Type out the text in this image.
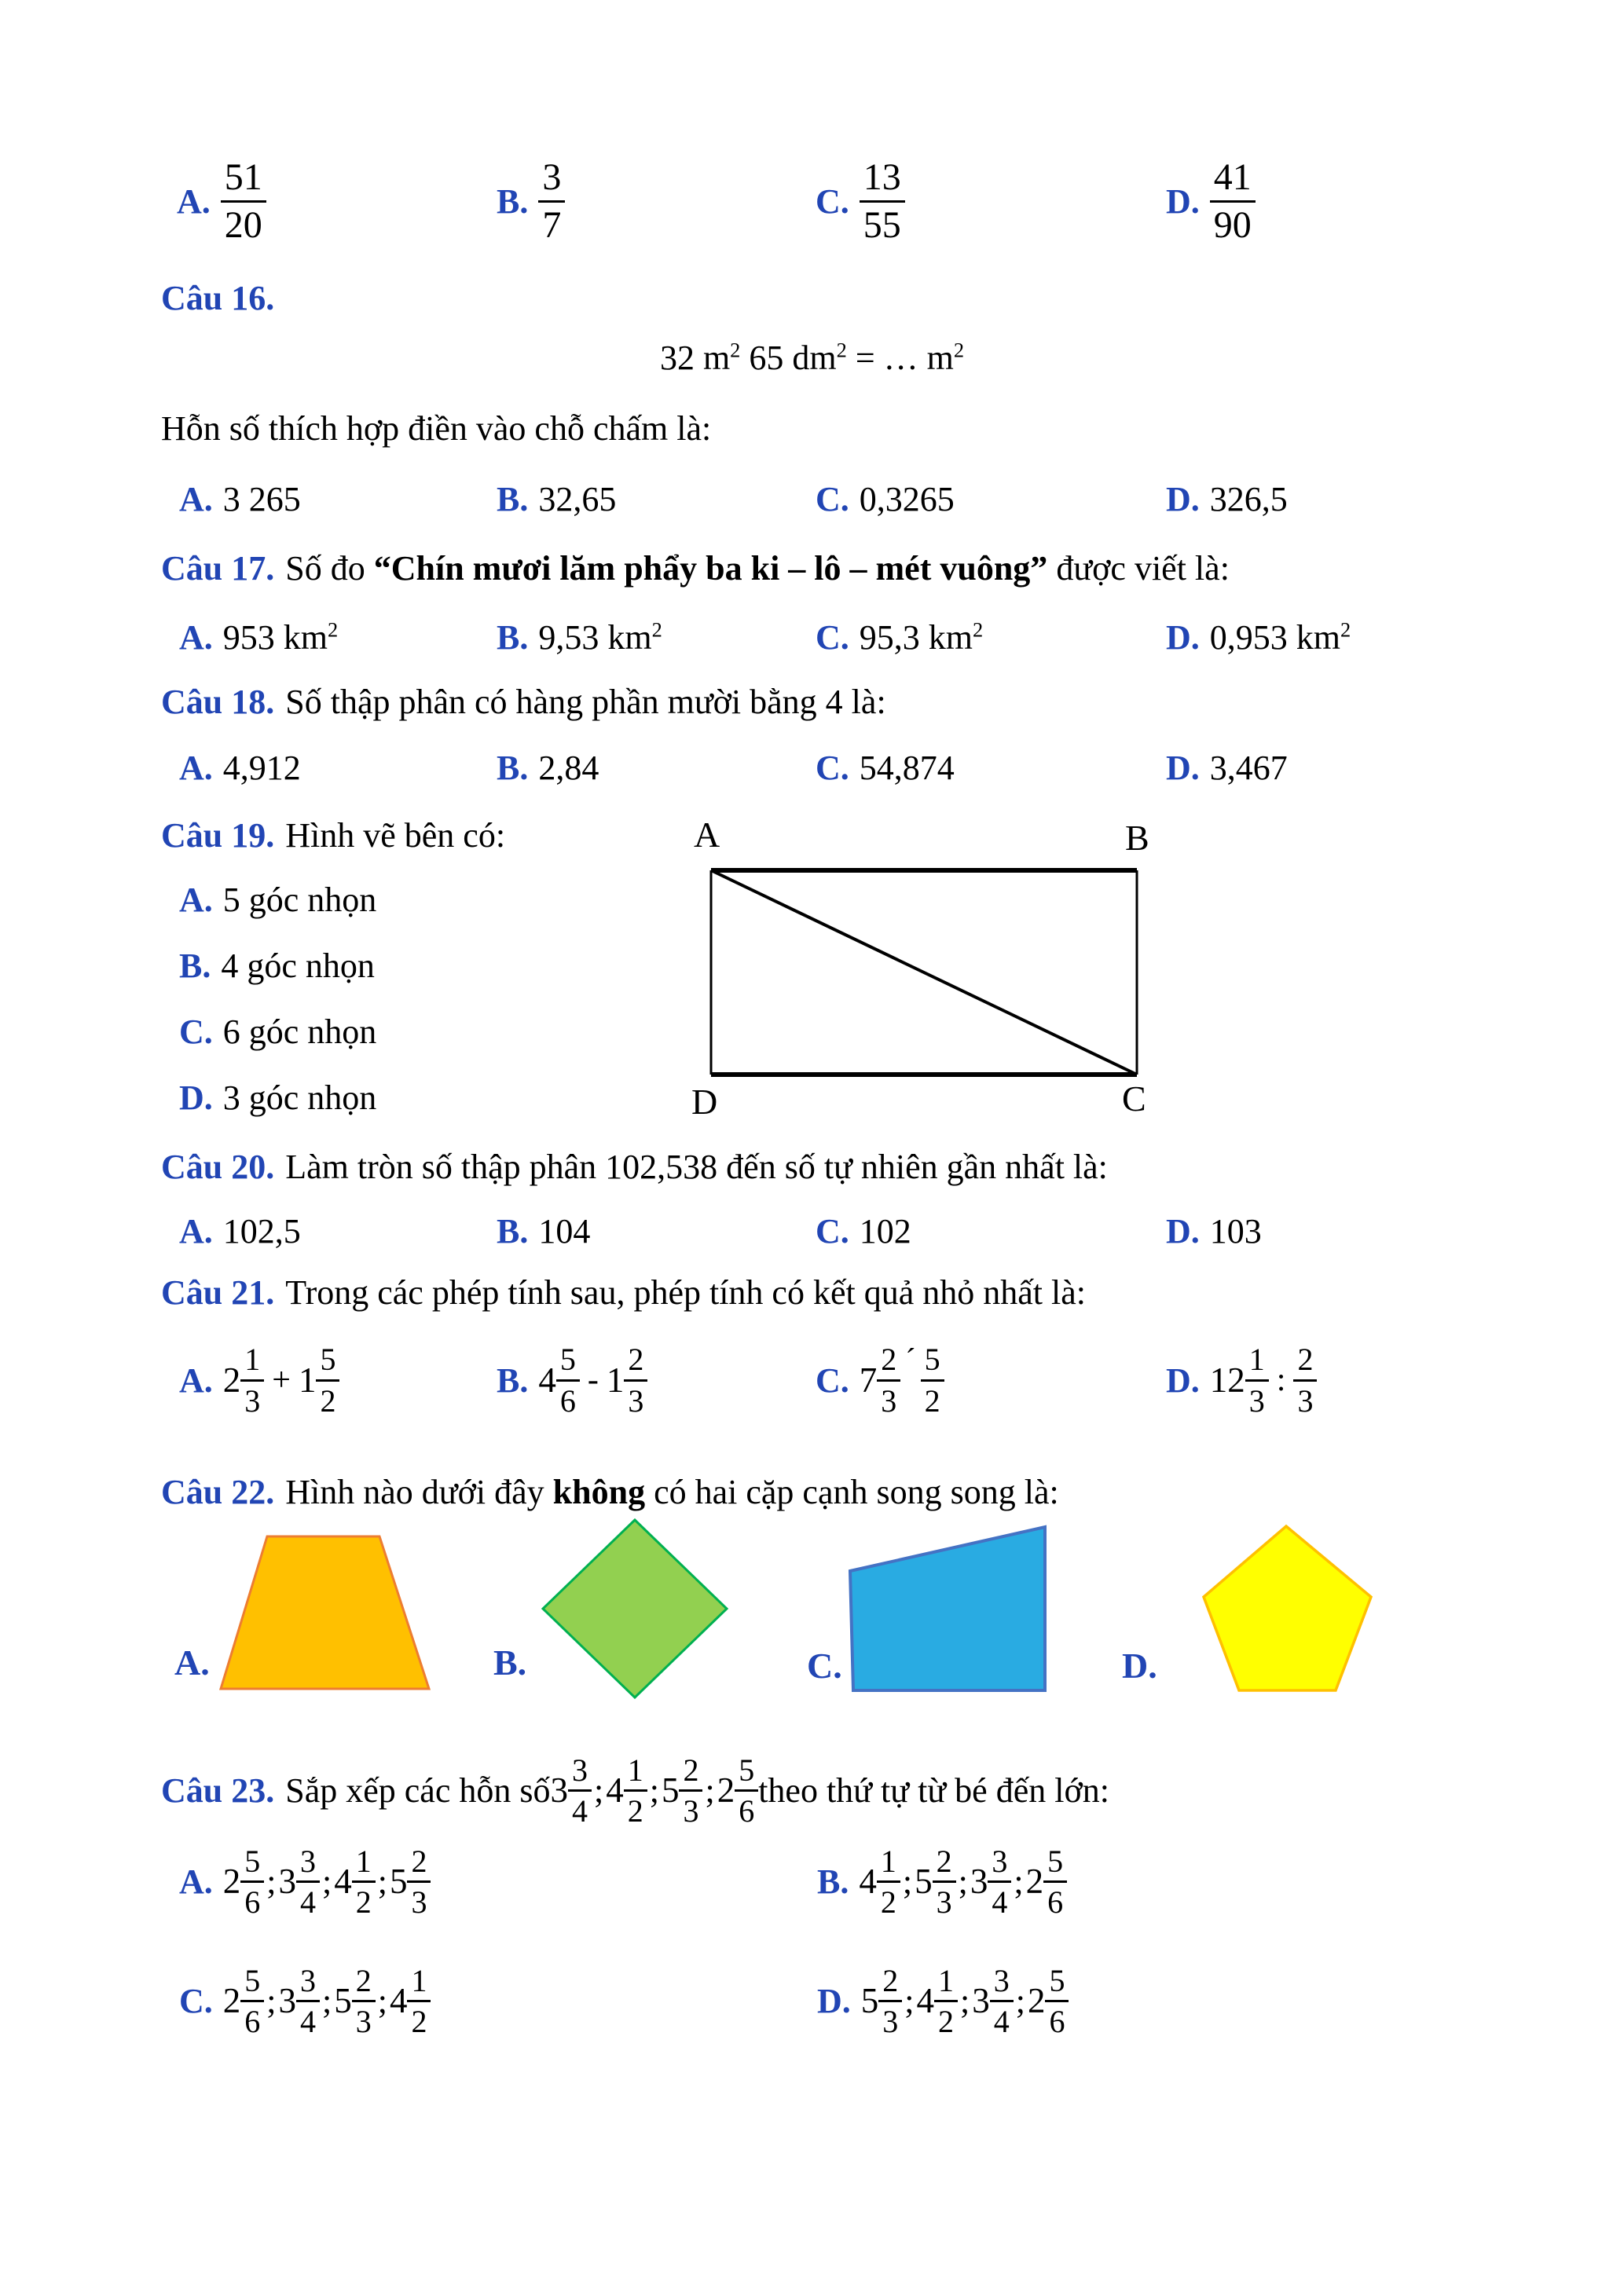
A. $\frac{51}{20}$	B. $\frac{3}{7}$	C. $\frac{13}{55}$	D. $\frac{41}{90}$
Câu 16.
32 $m^2$ 65 $dm^2$ = … $m^2$
Hỗn số thích hợp điền vào chỗ chấm là:
A. 3 265	B. 32,65	C. 0,3265	D. 326,5
Câu 17. Số đo “Chín mươi lăm phẩy ba ki – lô – mét vuông” được viết là:
A. 953 $km^2$	B. 9,53 $km^2$	C. 95,3 $km^2$	D. 0,953 $km^2$
Câu 18. Số thập phân có hàng phần mười bằng 4 là:
A. 4,912	B. 2,84	C. 54,874	D. 3,467
Câu 19. Hình vẽ bên có:
A. 5 góc nhọn
B. 4 góc nhọn
C. 6 góc nhọn
D. 3 góc nhọn
A	B
D	C
Câu 20. Làm tròn số thập phân 102,538 đến số tự nhiên gần nhất là:
A. 102,5	B. 104	C. 102	D. 103
Câu 21. Trong các phép tính sau, phép tính có kết quả nhỏ nhất là:
A. 2
1
3
+ 1
5
2
B. 4
5
6
- 1
2
3
C. 7
2
3
´ 5
2
D. 12
1
3
:
2
3
Câu 22. Hình nào dưới đây không có hai cặp cạnh song song là:
A.	B.	C.	D.
Câu 23. Sắp xếp các hỗn số 3
3
4
; 4
1
2
; 5
2
3
; 2
5
6
theo thứ tự từ bé đến lớn:
A. 2
5
6
; 3
3
4
; 4
1
2
; 5
2
3
B. 4
1
2
; 5
2
3
; 3
3
4
; 2
5
6
C. 2
5
6
; 3
3
4
; 5
2
3
; 4
1
2
D. 5
2
3
; 4
1
2
; 3
3
4
; 2
5
6
